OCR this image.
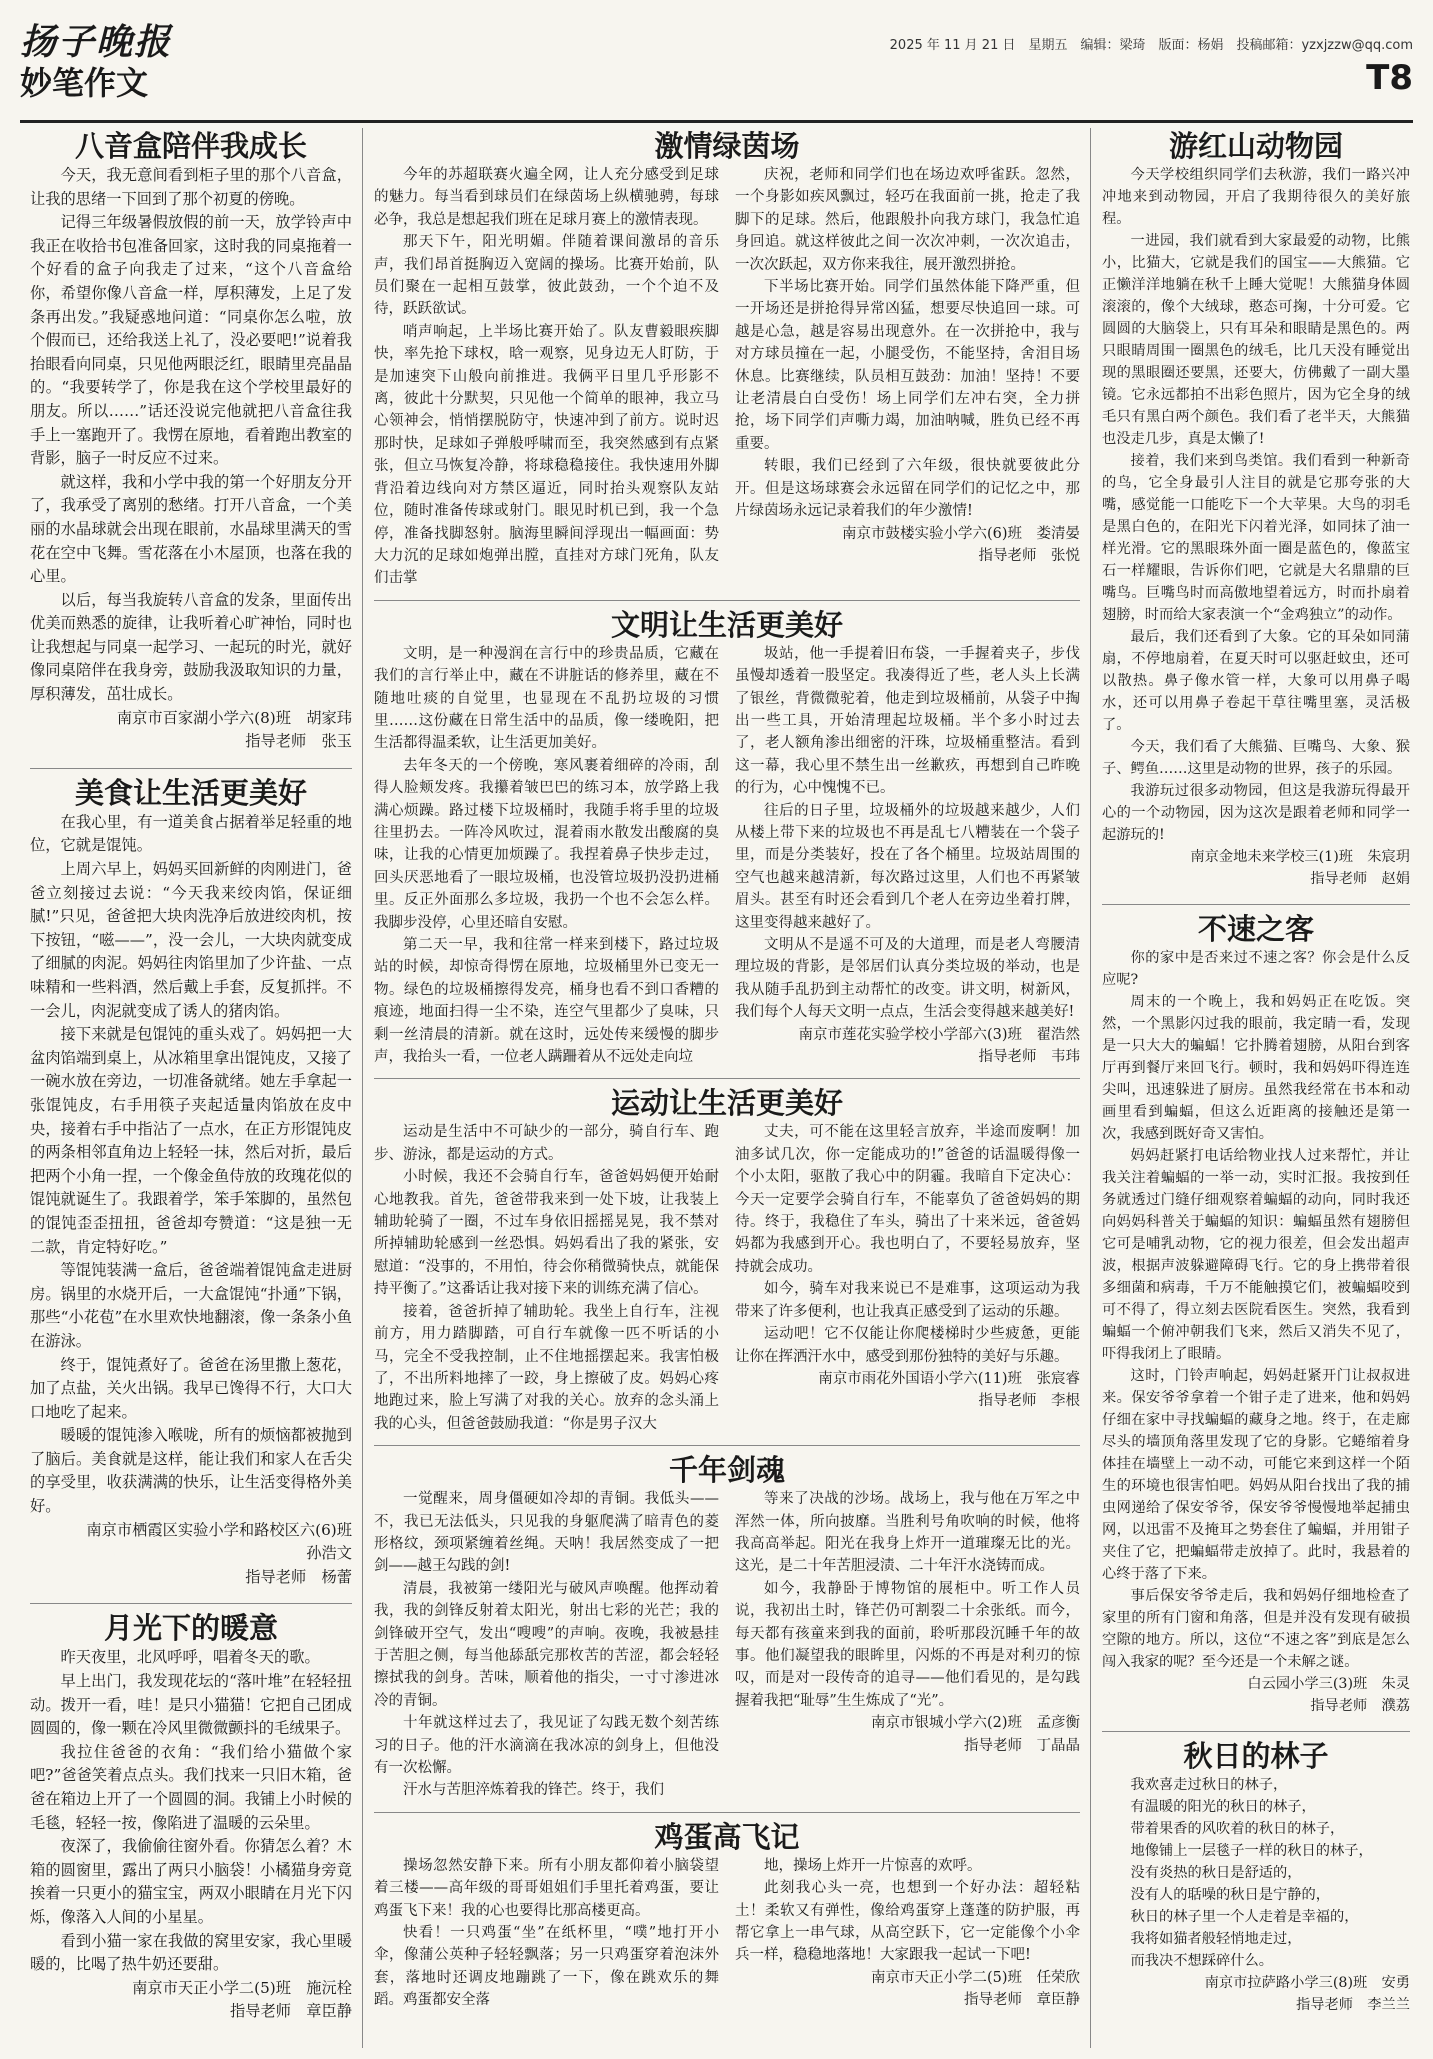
扬子晚报	2025 年 11 月 21 日　星期五　编辑：梁琦　版面：杨娟　投稿邮箱：yzxjzzw@qq.com
妙笔作文	T8
八音盒陪伴我成长

今天，我无意间看到柜子里的那个八音盒，让我的思绪一下回到了那个初夏的傍晚。

记得三年级暑假放假的前一天，放学铃声中我正在收拾书包准备回家，这时我的同桌拖着一个好看的盒子向我走了过来，“这个八音盒给你，希望你像八音盒一样，厚积薄发，上足了发条再出发。”我疑惑地问道：“同桌你怎么啦，放个假而已，还给我送上礼了，没必要吧!”说着我抬眼看向同桌，只见他两眼泛红，眼睛里亮晶晶的。“我要转学了，你是我在这个学校里最好的朋友。所以……”话还没说完他就把八音盒往我手上一塞跑开了。我愣在原地，看着跑出教室的背影，脑子一时反应不过来。

就这样，我和小学中我的第一个好朋友分开了，我承受了离别的愁绪。打开八音盒，一个美丽的水晶球就会出现在眼前，水晶球里满天的雪花在空中飞舞。雪花落在小木屋顶，也落在我的心里。

以后，每当我旋转八音盒的发条，里面传出优美而熟悉的旋律，让我听着心旷神怡，同时也让我想起与同桌一起学习、一起玩的时光，就好像同桌陪伴在我身旁，鼓励我汲取知识的力量，厚积薄发，茁壮成长。

南京市百家湖小学六(8)班　胡家玮

指导老师　张玉

美食让生活更美好

在我心里，有一道美食占据着举足轻重的地位，它就是馄饨。

上周六早上，妈妈买回新鲜的肉刚进门，爸爸立刻接过去说：“今天我来绞肉馅，保证细腻!”只见，爸爸把大块肉洗净后放进绞肉机，按下按钮，“嗞——”，没一会儿，一大块肉就变成了细腻的肉泥。妈妈往肉馅里加了少许盐、一点味精和一些料酒，然后戴上手套，反复抓拌。不一会儿，肉泥就变成了诱人的猪肉馅。

接下来就是包馄饨的重头戏了。妈妈把一大盆肉馅端到桌上，从冰箱里拿出馄饨皮，又接了一碗水放在旁边，一切准备就绪。她左手拿起一张馄饨皮，右手用筷子夹起适量肉馅放在皮中央，接着右手中指沾了一点水，在正方形馄饨皮的两条相邻直角边上轻轻一抹，然后对折，最后把两个小角一捏，一个像金鱼侍放的玫瑰花似的馄饨就诞生了。我跟着学，笨手笨脚的，虽然包的馄饨歪歪扭扭，爸爸却夸赞道：“这是独一无二款，肯定特好吃。”

等馄饨装满一盒后，爸爸端着馄饨盒走进厨房。锅里的水烧开后，一大盒馄饨“扑通”下锅，那些“小花苞”在水里欢快地翻滚，像一条条小鱼在游泳。

终于，馄饨煮好了。爸爸在汤里撒上葱花，加了点盐，关火出锅。我早已馋得不行，大口大口地吃了起来。

暖暖的馄饨渗入喉咙，所有的烦恼都被抛到了脑后。美食就是这样，能让我们和家人在舌尖的享受里，收获满满的快乐，让生活变得格外美好。

南京市栖霞区实验小学和路校区六(6)班　孙浩文

指导老师　杨蕾

月光下的暖意

昨天夜里，北风呼呼，唱着冬天的歌。

早上出门，我发现花坛的“落叶堆”在轻轻扭动。拨开一看，哇！是只小猫猫！它把自己团成圆圆的，像一颗在冷风里微微颤抖的毛绒果子。

我拉住爸爸的衣角：“我们给小猫做个家吧?”爸爸笑着点点头。我们找来一只旧木箱，爸爸在箱边上开了一个圆圆的洞。我铺上小时候的毛毯，轻轻一按，像陷进了温暖的云朵里。

夜深了，我偷偷往窗外看。你猜怎么着？木箱的圆窗里，露出了两只小脑袋！小橘猫身旁竟挨着一只更小的猫宝宝，两双小眼睛在月光下闪烁，像落入人间的小星星。

看到小猫一家在我做的窝里安家，我心里暖暖的，比喝了热牛奶还要甜。

南京市天正小学二(5)班　施沅栓

指导老师　章臣静

激情绿茵场

今年的苏超联赛火遍全网，让人充分感受到足球的魅力。每当看到球员们在绿茵场上纵横驰骋，每球必争，我总是想起我们班在足球月赛上的激情表现。

那天下午，阳光明媚。伴随着课间激昂的音乐声，我们昂首挺胸迈入宽阔的操场。比赛开始前，队员们聚在一起相互鼓掌，彼此鼓劲，一个个迫不及待，跃跃欲试。

哨声响起，上半场比赛开始了。队友曹毅眼疾脚快，率先抢下球权，晗一观察，见身边无人盯防，于是加速突下山般向前推进。我俩平日里几乎形影不离，彼此十分默契，只见他一个简单的眼神，我立马心领神会，悄悄摆脱防守，快速冲到了前方。说时迟那时快，足球如子弹般呼啸而至，我突然感到有点紧张，但立马恢复冷静，将球稳稳接住。我快速用外脚背沿着边线向对方禁区逼近，同时抬头观察队友站位，随时准备传球或射门。眼见时机已到，我一个急停，准备找脚怒射。脑海里瞬间浮现出一幅画面：势大力沉的足球如炮弹出膛，直挂对方球门死角，队友们击掌

庆祝，老师和同学们也在场边欢呼雀跃。忽然，一个身影如疾风飘过，轻巧在我面前一挑，抢走了我脚下的足球。然后，他跟般扑向我方球门，我急忙追身回追。就这样彼此之间一次次冲刺，一次次追击，一次次跃起，双方你来我往，展开激烈拼抢。

下半场比赛开始。同学们虽然体能下降严重，但一开场还是拼抢得异常凶猛，想要尽快追回一球。可越是心急，越是容易出现意外。在一次拼抢中，我与对方球员撞在一起，小腿受伤，不能坚持，舍泪目场休息。比赛继续，队员相互鼓劲：加油！坚持！不要让老清晨白白受伤！场上同学们左冲右突，全力拼抢，场下同学们声嘶力竭，加油呐喊，胜负已经不再重要。

转眼，我们已经到了六年级，很快就要彼此分开。但是这场球赛会永远留在同学们的记忆之中，那片绿茵场永远记录着我们的年少激情!

南京市鼓楼实验小学六(6)班　娄清晏

指导老师　张悦

文明让生活更美好

文明，是一种漫润在言行中的珍贵品质，它藏在我们的言行举止中，藏在不讲脏话的修养里，藏在不随地吐痰的自觉里，也显现在不乱扔垃圾的习惯里……这份藏在日常生活中的品质，像一缕晚阳，把生活都得温柔软，让生活更加美好。

去年冬天的一个傍晚，寒风裹着细碎的冷雨，刮得人脸颊发疼。我攥着皱巴巴的练习本，放学路上我满心烦躁。路过楼下垃圾桶时，我随手将手里的垃圾往里扔去。一阵冷风吹过，混着雨水散发出酸腐的臭味，让我的心情更加烦躁了。我捏着鼻子快步走过，回头厌恶地看了一眼垃圾桶，也没管垃圾扔没扔进桶里。反正外面那么多垃圾，我扔一个也不会怎么样。我脚步没停，心里还暗自安慰。

第二天一早，我和往常一样来到楼下，路过垃圾站的时候，却惊奇得愣在原地，垃圾桶里外已变无一物。绿色的垃圾桶擦得发亮，桶身也看不到口香糟的痕迹，地面扫得一尘不染，连空气里都少了臭味，只剩一丝清晨的清新。就在这时，远处传来缓慢的脚步声，我抬头一看，一位老人蹒跚着从不远处走向垃

圾站，他一手提着旧布袋，一手握着夹子，步伐虽慢却透着一股坚定。我凑得近了些，老人头上长满了银丝，背微微驼着，他走到垃圾桶前，从袋子中掏出一些工具，开始清理起垃圾桶。半个多小时过去了，老人额角渗出细密的汗珠，垃圾桶重整洁。看到这一幕，我心里不禁生出一丝歉疚，再想到自己昨晚的行为，心中愧愧不已。

往后的日子里，垃圾桶外的垃圾越来越少，人们从楼上带下来的垃圾也不再是乱七八糟装在一个袋子里，而是分类装好，投在了各个桶里。垃圾站周围的空气也越来越清新，每次路过这里，人们也不再紧皱眉头。甚至有时还会看到几个老人在旁边坐着打牌，这里变得越来越好了。

文明从不是遥不可及的大道理，而是老人弯腰清理垃圾的背影，是邻居们认真分类垃圾的举动，也是我从随手乱扔到主动帮忙的改变。讲文明，树新风，我们每个人每天文明一点点，生活会变得越来越美好!

南京市莲花实验学校小学部六(3)班　翟浩然

指导老师　韦玮

运动让生活更美好

运动是生活中不可缺少的一部分，骑自行车、跑步、游泳，都是运动的方式。

小时候，我还不会骑自行车，爸爸妈妈便开始耐心地教我。首先，爸爸带我来到一处下坡，让我装上辅助轮骑了一圈，不过车身依旧摇摇晃晃，我不禁对所掉辅助轮感到一丝恐惧。妈妈看出了我的紧张，安慰道：“没事的，不用怕，待会你稍微骑快点，就能保持平衡了。”这番话让我对接下来的训练充满了信心。

接着，爸爸折掉了辅助轮。我坐上自行车，注视前方，用力踏脚踏，可自行车就像一匹不听话的小马，完全不受我控制，止不住地摇摆起来。我害怕极了，不出所料地摔了一跤，身上擦破了皮。妈妈心疼地跑过来，脸上写满了对我的关心。放弃的念头涌上我的心头，但爸爸鼓励我道：“你是男子汉大

丈夫，可不能在这里轻言放弃，半途而废啊！加油多试几次，你一定能成功的!”爸爸的话温暖得像一个小太阳，驱散了我心中的阴霾。我暗自下定决心：今天一定要学会骑自行车，不能辜负了爸爸妈妈的期待。终于，我稳住了车头，骑出了十来米远，爸爸妈妈都为我感到开心。我也明白了，不要轻易放弃，坚持就会成功。

如今，骑车对我来说已不是难事，这项运动为我带来了许多便利，也让我真正感受到了运动的乐趣。

运动吧！它不仅能让你爬楼梯时少些疲惫，更能让你在挥洒汗水中，感受到那份独特的美好与乐趣。

南京市雨花外国语小学六(11)班　张宸睿

指导老师　李根

千年剑魂

一觉醒来，周身僵硬如冷却的青铜。我低头——不，我已无法低头，只见我的身躯爬满了暗青色的菱形格纹，颈项紧缠着丝绳。天呐！我居然变成了一把剑——越王勾践的剑!

清晨，我被第一缕阳光与破风声唤醒。他挥动着我，我的剑锋反射着太阳光，射出七彩的光芒；我的剑锋破开空气，发出“嗖嗖”的声响。夜晚，我被悬挂于苦胆之侧，每当他舔舐完那枚苦的苦涩，都会轻轻擦拭我的剑身。苦味，顺着他的指尖，一寸寸渗进冰冷的青铜。

十年就这样过去了，我见证了勾践无数个刻苦练习的日子。他的汗水滴滴在我冰凉的剑身上，但他没有一次松懈。

汗水与苦胆淬炼着我的锋芒。终于，我们

等来了决战的沙场。战场上，我与他在万军之中浑然一体，所向披靡。当胜利号角吹响的时候，他将我高高举起。阳光在我身上炸开一道璀璨无比的光。这光，是二十年苦胆浸渍、二十年汗水浇铸而成。

如今，我静卧于博物馆的展柜中。听工作人员说，我初出土时，锋芒仍可割裂二十余张纸。而今，每天都有孩童来到我的面前，聆听那段沉睡千年的故事。他们凝望我的眼眸里，闪烁的不再是对利刃的惊叹，而是对一段传奇的追寻——他们看见的，是勾践握着我把“耻辱”生生炼成了“光”。

南京市银城小学六(2)班　孟彦衡

指导老师　丁晶晶

鸡蛋高飞记

操场忽然安静下来。所有小朋友都仰着小脑袋望着三楼——高年级的哥哥姐姐们手里托着鸡蛋，要让鸡蛋飞下来！我的心也要得比那高楼更高。

快看！一只鸡蛋“坐”在纸杯里，“噗”地打开小伞，像蒲公英种子轻轻飘落；另一只鸡蛋穿着泡沫外套，落地时还调皮地蹦跳了一下，像在跳欢乐的舞蹈。鸡蛋都安全落

地，操场上炸开一片惊喜的欢呼。

此刻我心头一亮，也想到一个好办法：超轻粘土！柔软又有弹性，像给鸡蛋穿上蓬蓬的防护服，再帮它拿上一串气球，从高空跃下，它一定能像个小伞兵一样，稳稳地落地！大家跟我一起试一下吧!

南京市天正小学二(5)班　任荣欣

指导老师　章臣静

游红山动物园

今天学校组织同学们去秋游，我们一路兴冲冲地来到动物园，开启了我期待很久的美好旅程。

一进园，我们就看到大家最爱的动物，比熊小，比猫大，它就是我们的国宝——大熊猫。它正懒洋洋地躺在秋千上睡大觉呢！大熊猫身体圆滚滚的，像个大绒球，憨态可掬，十分可爱。它圆圆的大脑袋上，只有耳朵和眼睛是黑色的。两只眼睛周围一圈黑色的绒毛，比几天没有睡觉出现的黑眼圈还要黑，还要大，仿佛戴了一副大墨镜。它永远都拍不出彩色照片，因为它全身的绒毛只有黑白两个颜色。我们看了老半天，大熊猫也没走几步，真是太懒了!

接着，我们来到鸟类馆。我们看到一种新奇的鸟，它全身最引人注目的就是它那夸张的大嘴，感觉能一口能吃下一个大苹果。大鸟的羽毛是黑白色的，在阳光下闪着光泽，如同抹了油一样光滑。它的黑眼珠外面一圈是蓝色的，像蓝宝石一样耀眼，告诉你们吧，它就是大名鼎鼎的巨嘴鸟。巨嘴鸟时而高傲地望着远方，时而扑扇着翅膀，时而给大家表演一个“金鸡独立”的动作。

最后，我们还看到了大象。它的耳朵如同蒲扇，不停地扇着，在夏天时可以驱赶蚊虫，还可以散热。鼻子像水管一样，大象可以用鼻子喝水，还可以用鼻子卷起干草往嘴里塞，灵活极了。

今天，我们看了大熊猫、巨嘴鸟、大象、猴子、鳄鱼……这里是动物的世界，孩子的乐园。

我游玩过很多动物园，但这是我游玩得最开心的一个动物园，因为这次是跟着老师和同学一起游玩的!

南京金地未来学校三(1)班　朱宸玥

指导老师　赵娟

不速之客

你的家中是否来过不速之客？你会是什么反应呢?

周末的一个晚上，我和妈妈正在吃饭。突然，一个黑影闪过我的眼前，我定睛一看，发现是一只大大的蝙蝠！它扑腾着翅膀，从阳台到客厅再到餐厅来回飞行。顿时，我和妈妈吓得连连尖叫，迅速躲进了厨房。虽然我经常在书本和动画里看到蝙蝠，但这么近距离的接触还是第一次，我感到既好奇又害怕。

妈妈赶紧打电话给物业找人过来帮忙，并让我关注着蝙蝠的一举一动，实时汇报。我按到任务就透过门缝仔细观察着蝙蝠的动向，同时我还向妈妈科普关于蝙蝠的知识：蝙蝠虽然有翅膀但它可是哺乳动物，它的视力很差，但会发出超声波，根据声波躲避障碍飞行。它的身上携带着很多细菌和病毒，千万不能触摸它们，被蝙蝠咬到可不得了，得立刻去医院看医生。突然，我看到蝙蝠一个俯冲朝我们飞来，然后又消失不见了，吓得我闭上了眼睛。

这时，门铃声响起，妈妈赶紧开门让叔叔进来。保安爷爷拿着一个钳子走了进来，他和妈妈仔细在家中寻找蝙蝠的藏身之地。终于，在走廊尽头的墙顶角落里发现了它的身影。它蜷缩着身体挂在墙壁上一动不动，可能它来到这样一个陌生的环境也很害怕吧。妈妈从阳台找出了我的捕虫网递给了保安爷爷，保安爷爷慢慢地举起捕虫网，以迅雷不及掩耳之势套住了蝙蝠，并用钳子夹住了它，把蝙蝠带走放掉了。此时，我悬着的心终于落了下来。

事后保安爷爷走后，我和妈妈仔细地检查了家里的所有门窗和角落，但是并没有发现有破损空隙的地方。所以，这位“不速之客”到底是怎么闯入我家的呢？至今还是一个未解之谜。

白云园小学三(3)班　朱灵

指导老师　濮荔

秋日的林子

我欢喜走过秋日的林子，

有温暖的阳光的秋日的林子，

带着果香的风吹着的秋日的林子，

地像铺上一层毯子一样的秋日的林子，

没有炎热的秋日是舒适的，

没有人的聒噪的秋日是宁静的，

秋日的林子里一个人走着是幸福的，

我将如猫者般轻悄地走过，

而我决不想踩碎什么。

南京市拉萨路小学三(8)班　安勇

指导老师　李兰兰
